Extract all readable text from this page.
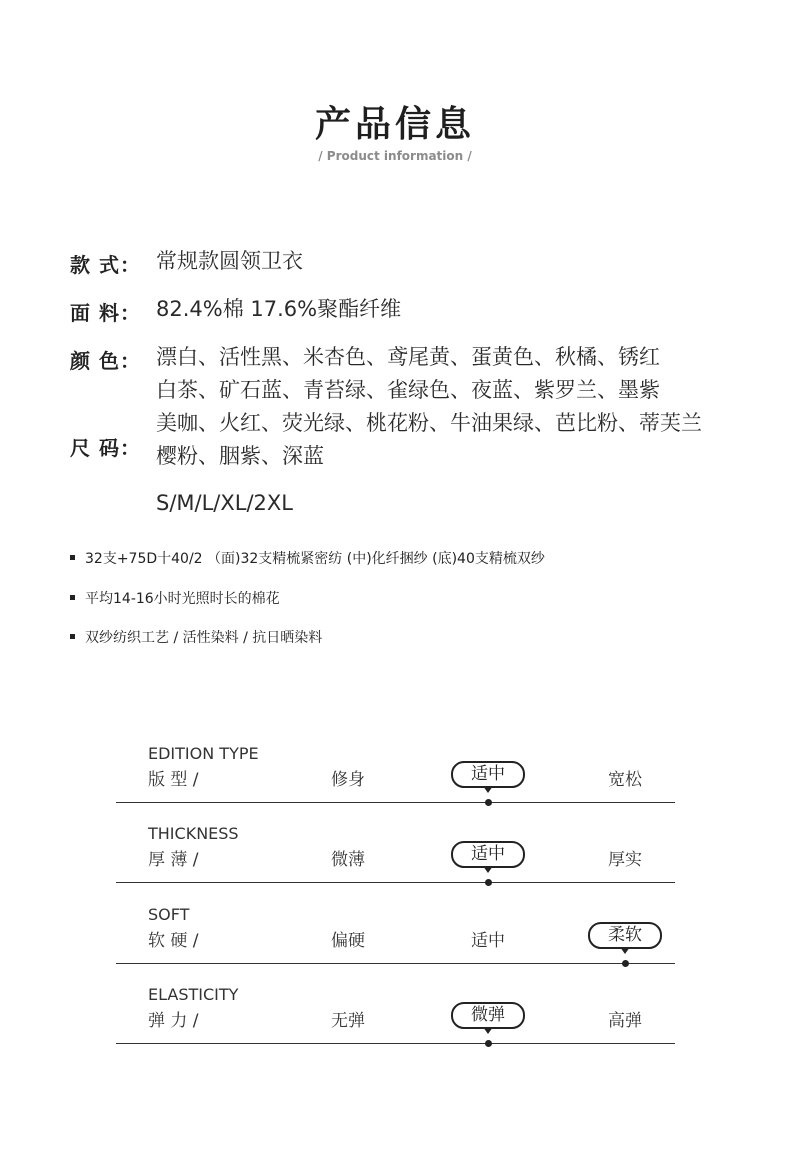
产品信息
/ Product information /
款 式： 常规款圆领卫衣
面 料： 82.4%棉 17.6%聚酯纤维
颜 色： 漂白、活性黑、米杏色、鸢尾黄、蛋黄色、秋橘、锈红
白茶、矿石蓝、青苔绿、雀绿色、夜蓝、紫罗兰、墨紫
美咖、火红、荧光绿、桃花粉、牛油果绿、芭比粉、蒂芙兰
樱粉、胭紫、深蓝
尺 码：
S/M/L/XL/2XL
32支+75D十40/2 （面)32支精梳紧密纺 (中)化纤捆纱 (底)40支精梳双纱
平均14-16小时光照时长的棉花
双纱纺织工艺 / 活性染料 / 抗日晒染料
EDITION TYPE
版 型 /	修身	适中	宽松
THICKNESS
厚 薄 /	微薄	适中	厚实
SOFT
软 硬 /	偏硬	适中	柔软
ELASTICITY
弹 力 /	无弹	微弹	高弹
